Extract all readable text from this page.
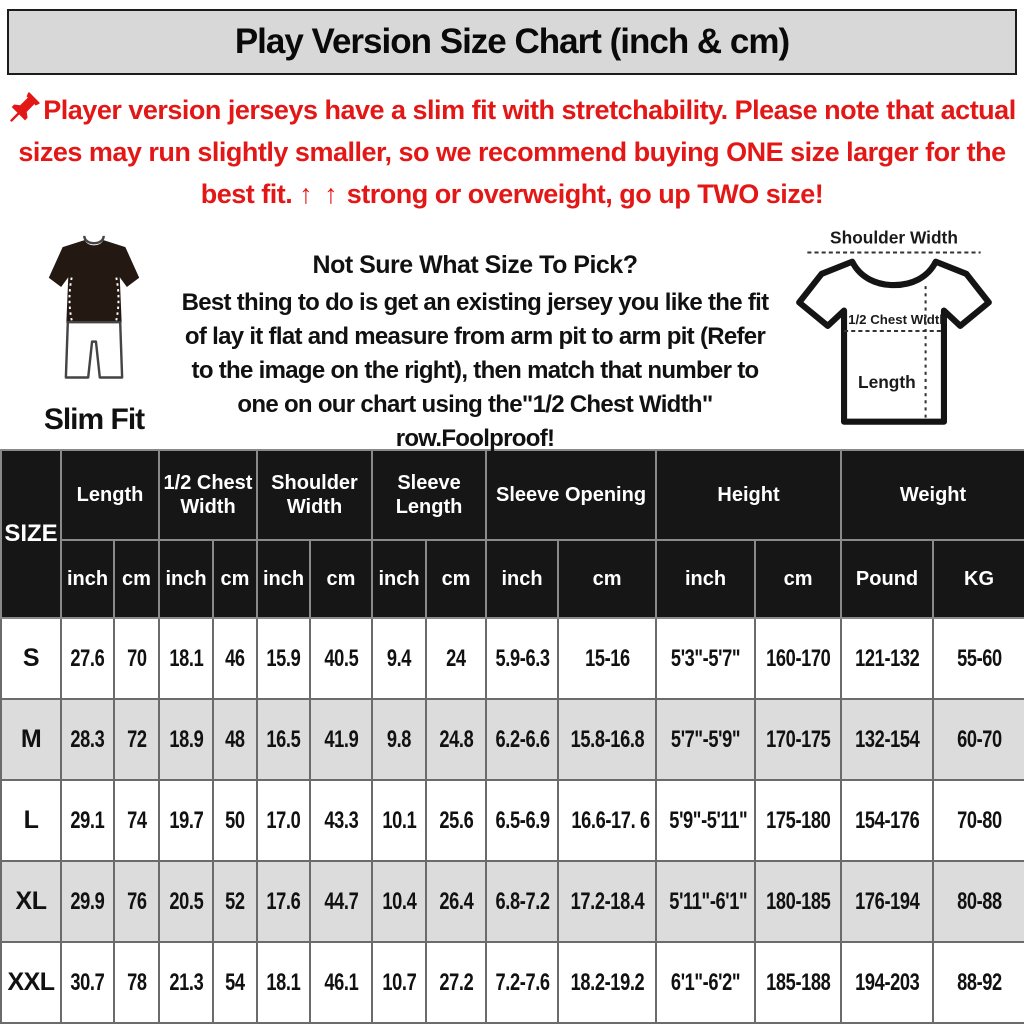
Play Version Size Chart (inch & cm)
Player version jerseys have a slim fit with stretchability. Please note that actual sizes may run slightly smaller, so we recommend buying ONE size larger for the best fit. ↑ ↑ strong or overweight, go up TWO size!
Slim Fit
Not Sure What Size To Pick?
Best thing to do is get an existing jersey you like the fit of lay it flat and measure from arm pit to arm pit (Refer to the image on the right), then match that number to one on our chart using the"1/2 Chest Width" row.Foolproof!
Shoulder Width
1/2 Chest Width
Length
SIZE	Length		1/2 Chest Width		Shoulder Width		Sleeve Length		Sleeve Opening		Height		Weight	
	inch	cm	inch	cm	inch	cm	inch	cm	inch	cm	inch	cm	Pound	KG
S	27.6	70	18.1	46	15.9	40.5	9.4	24	5.9-6.3	15-16	5'3"-5'7"	160-170	121-132	55-60
M	28.3	72	18.9	48	16.5	41.9	9.8	24.8	6.2-6.6	15.8-16.8	5'7"-5'9"	170-175	132-154	60-70
L	29.1	74	19.7	50	17.0	43.3	10.1	25.6	6.5-6.9	16.6-17. 6	5'9"-5'11"	175-180	154-176	70-80
XL	29.9	76	20.5	52	17.6	44.7	10.4	26.4	6.8-7.2	17.2-18.4	5'11"-6'1"	180-185	176-194	80-88
XXL	30.7	78	21.3	54	18.1	46.1	10.7	27.2	7.2-7.6	18.2-19.2	6'1"-6'2"	185-188	194-203	88-92
